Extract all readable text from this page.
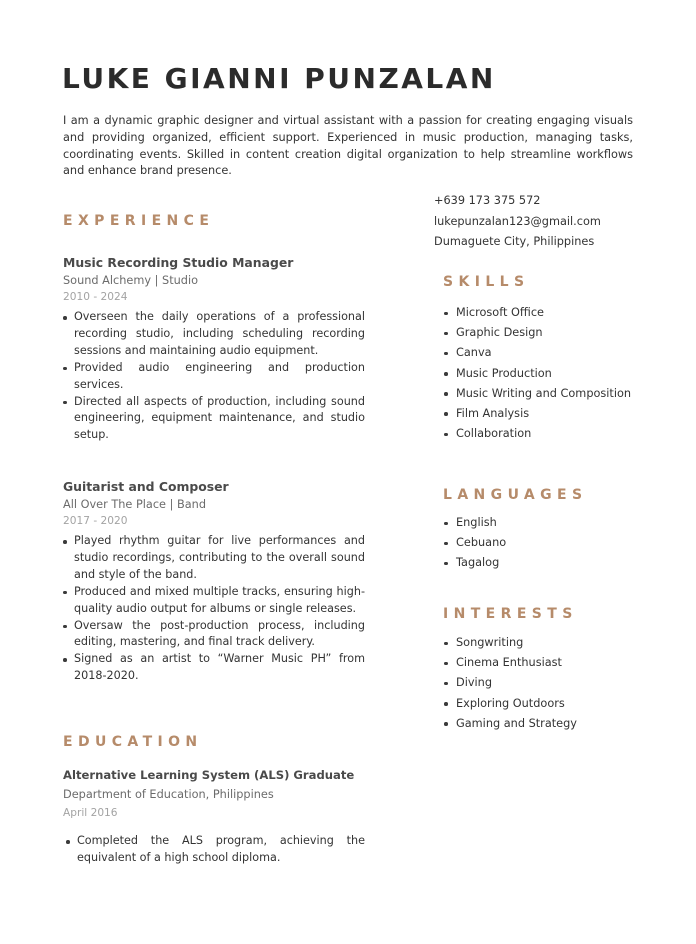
LUKE GIANNI PUNZALAN

I am a dynamic graphic designer and virtual assistant with a passion for creating engaging visuals and providing organized, efficient support. Experienced in music production, managing tasks, coordinating events. Skilled in content creation digital organization to help streamline workflows and enhance brand presence.

+639 173 375 572
lukepunzalan123@gmail.com
Dumaguete City, Philippines
EXPERIENCE

Music Recording Studio Manager

Sound Alchemy | Studio

2010 - 2024

Overseen the daily operations of a professional recording studio, including scheduling recording sessions and maintaining audio equipment.
Provided audio engineering and production services.
Directed all aspects of production, including sound engineering, equipment maintenance, and studio setup.

Guitarist and Composer

All Over The Place | Band

2017 - 2020

Played rhythm guitar for live performances and studio recordings, contributing to the overall sound and style of the band.
Produced and mixed multiple tracks, ensuring high-quality audio output for albums or single releases.
Oversaw the post-production process, including editing, mastering, and final track delivery.
Signed as an artist to “Warner Music PH” from 2018-2020.
EDUCATION

Alternative Learning System (ALS) Graduate

Department of Education, Philippines

April 2016

Completed the ALS program, achieving the equivalent of a high school diploma.
SKILLS
Microsoft Office
Graphic Design
Canva
Music Production
Music Writing and Composition
Film Analysis
Collaboration
LANGUAGES
English
Cebuano
Tagalog
INTERESTS
Songwriting
Cinema Enthusiast
Diving
Exploring Outdoors
Gaming and Strategy
